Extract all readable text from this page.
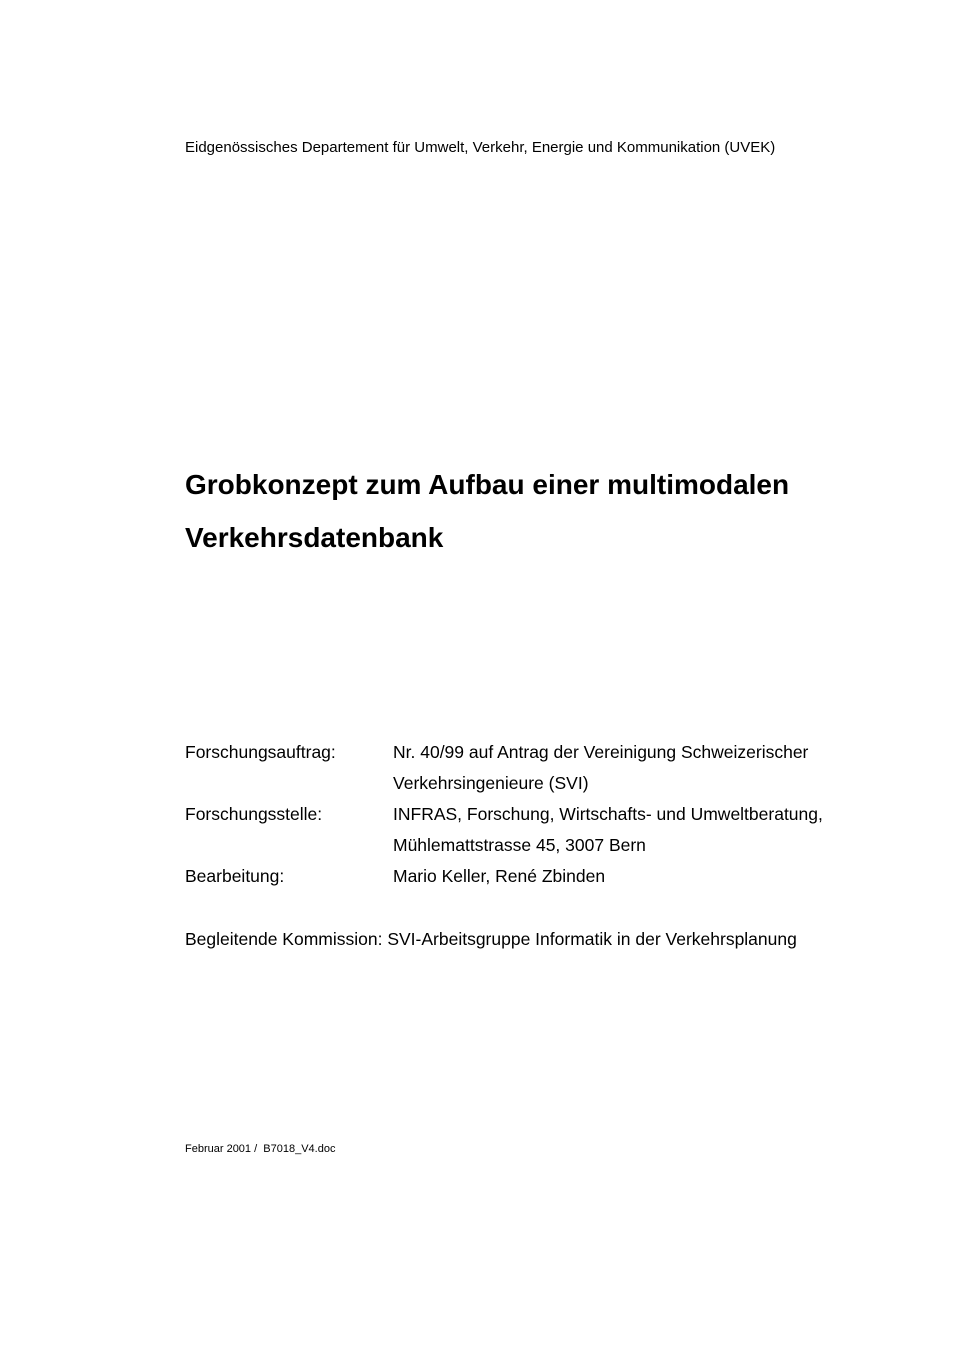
Eidgenössisches Departement für Umwelt, Verkehr, Energie und Kommunikation (UVEK)
Grobkonzept zum Aufbau einer multimodalen
Verkehrsdatenbank
Forschungsauftrag:	Nr. 40/99 auf Antrag der Vereinigung Schweizerischer
Verkehrsingenieure (SVI)
Forschungsstelle:	INFRAS, Forschung, Wirtschafts- und Umweltberatung,
Mühlemattstrasse 45, 3007 Bern
Bearbeitung:	Mario Keller, René Zbinden
Begleitende Kommission: SVI-Arbeitsgruppe Informatik in der Verkehrsplanung
Februar 2001 /  B7018_V4.doc
